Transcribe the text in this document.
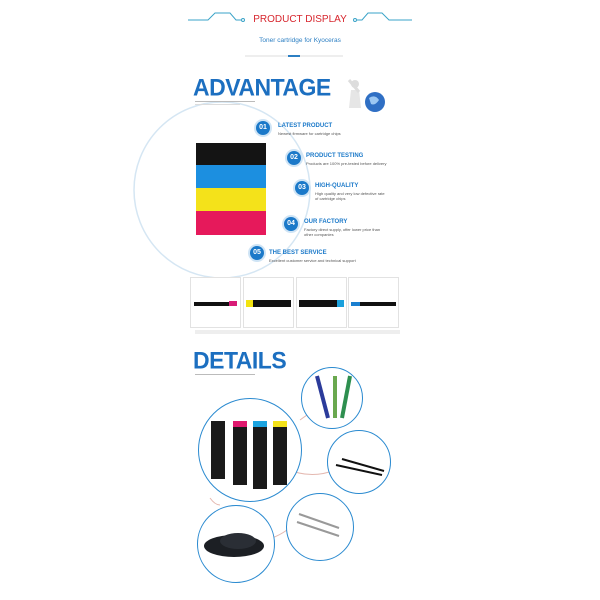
PRODUCT DISPLAY
Toner cartridge for Kyoceras
ADVANTAGE
01	LATEST PRODUCT
Newest firmware for cartridge chips
02	PRODUCT TESTING
Products are 100% pre-tested before delivery
03	HIGH-QUALITY
High quality and very low defective rate of cartridge chips
04	OUR FACTORY
Factory direct supply, offer lower price than other companies
05	THE BEST SERVICE
Excellent customer service and technical support
DETAILS
